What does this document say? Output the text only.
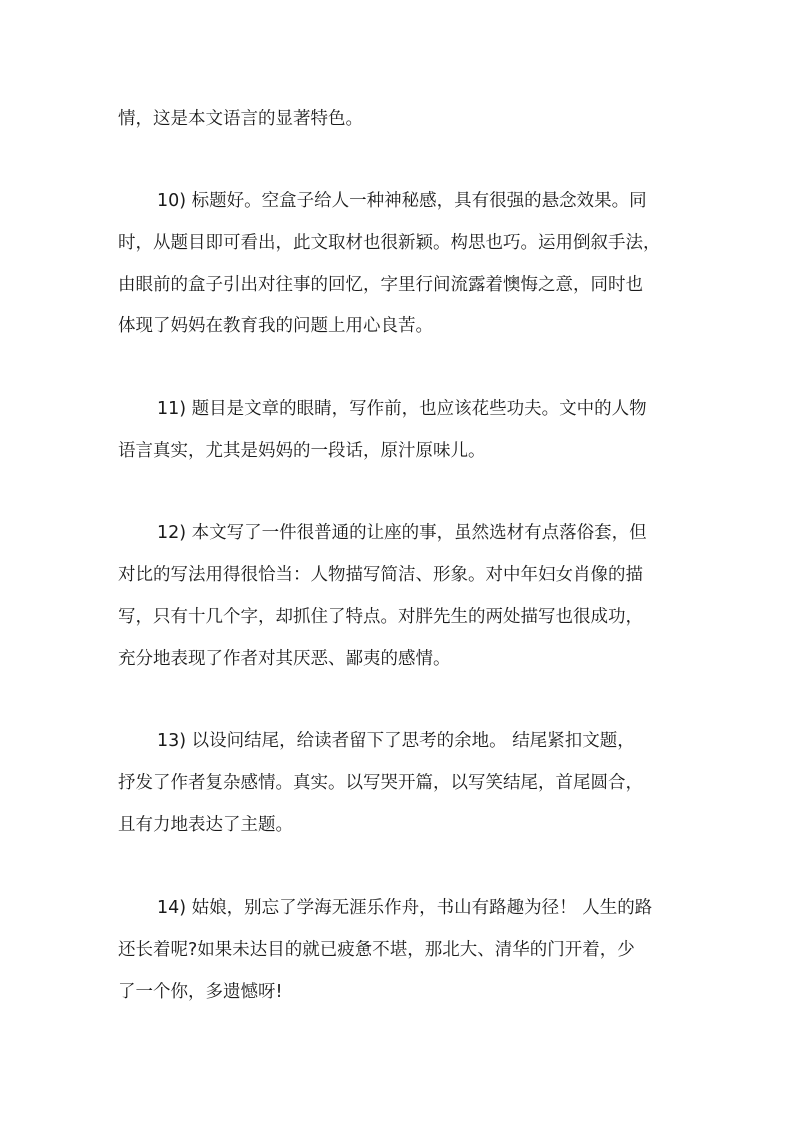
情，这是本文语言的显著特色。
10) 标题好。空盒子给人一种神秘感，具有很强的悬念效果。同
时，从题目即可看出，此文取材也很新颖。构思也巧。运用倒叙手法，
由眼前的盒子引出对往事的回忆，字里行间流露着懊悔之意，同时也
体现了妈妈在教育我的问题上用心良苦。
11) 题目是文章的眼睛，写作前，也应该花些功夫。文中的人物
语言真实，尤其是妈妈的一段话，原汁原味儿。
12) 本文写了一件很普通的让座的事，虽然选材有点落俗套，但
对比的写法用得很恰当：人物描写简洁、形象。对中年妇女肖像的描
写，只有十几个字，却抓住了特点。对胖先生的两处描写也很成功，
充分地表现了作者对其厌恶、鄙夷的感情。
13) 以设问结尾，给读者留下了思考的余地。 结尾紧扣文题，
抒发了作者复杂感情。真实。以写哭开篇，以写笑结尾，首尾圆合，
且有力地表达了主题。
14) 姑娘，别忘了学海无涯乐作舟，书山有路趣为径！ 人生的路
还长着呢?如果未达目的就已疲惫不堪，那北大、清华的门开着，少
了一个你，多遗憾呀!
